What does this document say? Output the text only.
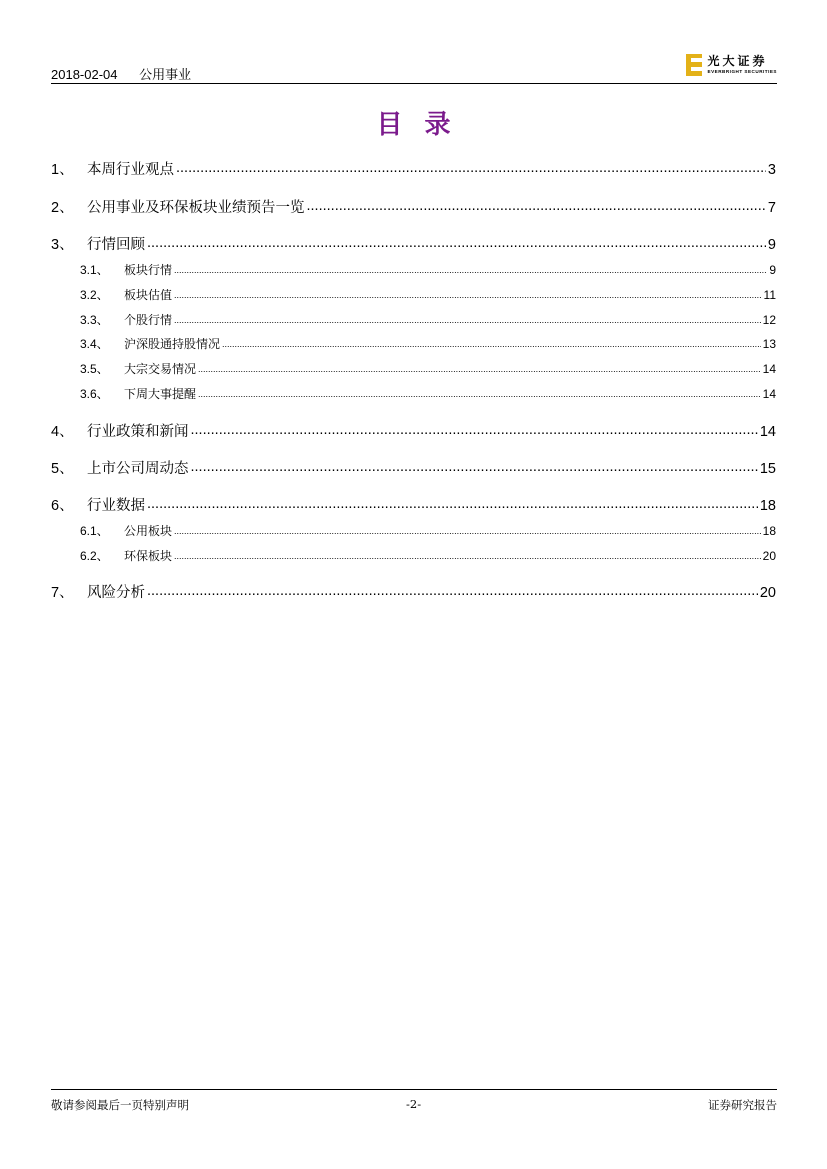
2018-02-04 公用事业
光大证券
EVERBRIGHT SECURITIES
目录
1、 本周行业观点 .....	3
2、 公用事业及环保板块业绩预告一览 .....	7
3、 行情回顾 .....	9
3.1、	板块行情 .....	9
3.2、	板块估值 .....	11
3.3、	个股行情 .....	12
3.4、	沪深股通持股情况 .....	13
3.5、	大宗交易情况 .....	14
3.6、	下周大事提醒 .....	14
4、 行业政策和新闻 .....	14
5、 上市公司周动态 .....	15
6、 行业数据 .....	18
6.1、	公用板块 .....	18
6.2、	环保板块 .....	20
7、 风险分析 .....	20
敬请参阅最后一页特别声明	-2-	证券研究报告
